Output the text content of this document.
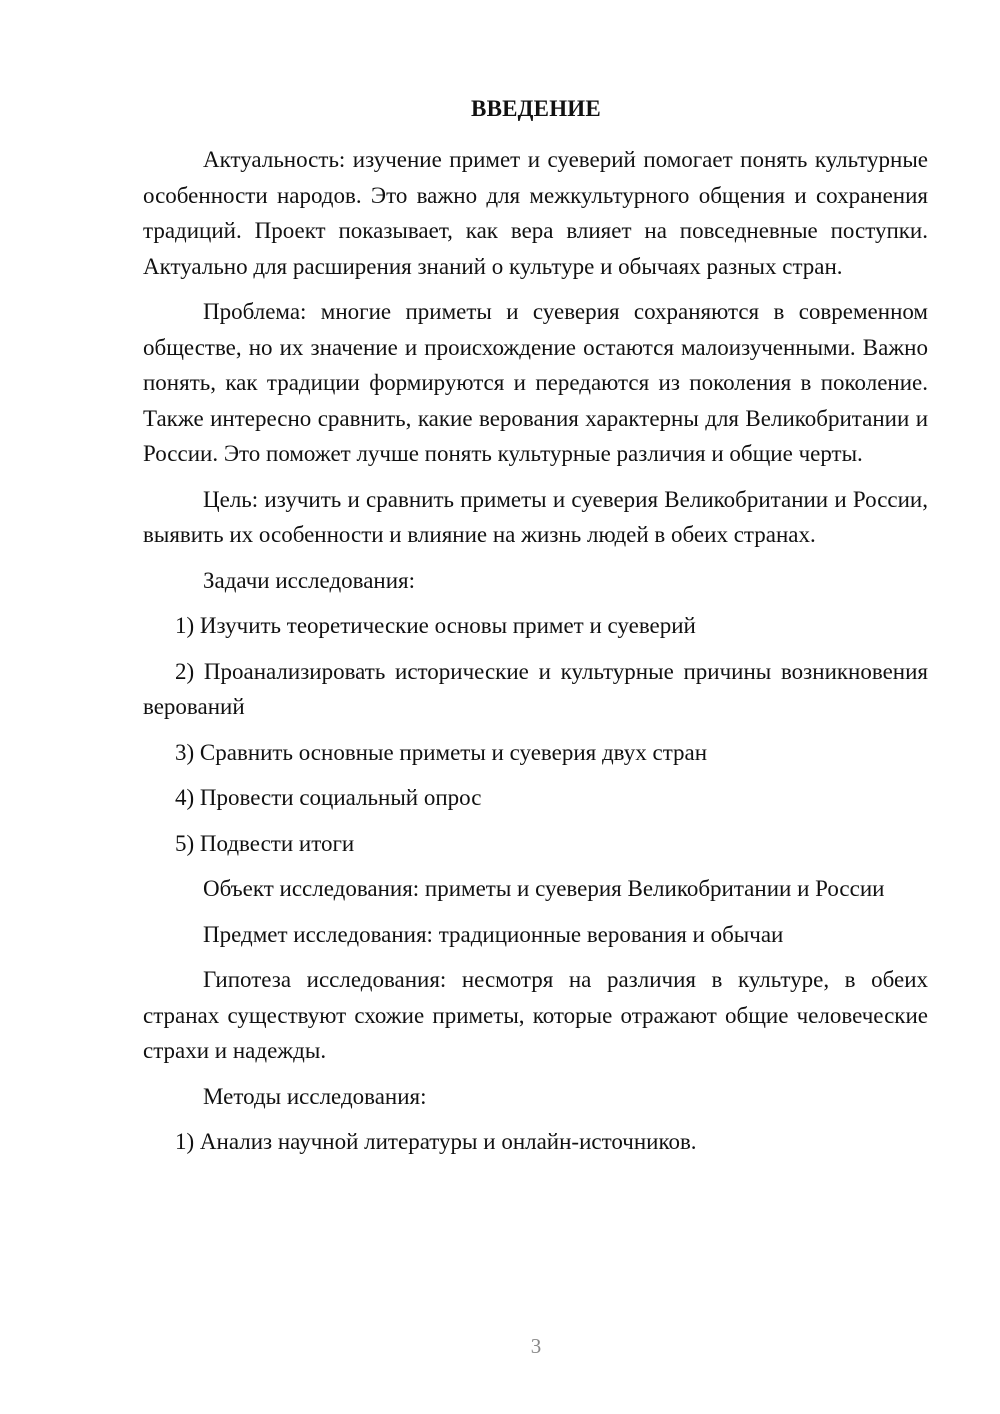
ВВЕДЕНИЕ

Актуальность: изучение примет и суеверий помогает понять культурные особенности народов. Это важно для межкультурного общения и сохранения традиций. Проект показывает, как вера влияет на повседневные поступки. Актуально для расширения знаний о культуре и обычаях разных стран.

Проблема: многие приметы и суеверия сохраняются в современном обществе, но их значение и происхождение остаются малоизученными. Важно понять, как традиции формируются и передаются из поколения в поколение. Также интересно сравнить, какие верования характерны для Великобритании и России. Это поможет лучше понять культурные различия и общие черты.

Цель: изучить и сравнить приметы и суеверия Великобритании и России, выявить их особенности и влияние на жизнь людей в обеих странах.

Задачи исследования:

1) Изучить теоретические основы примет и суеверий

2) Проанализировать исторические и культурные причины возникновения верований

3) Сравнить основные приметы и суеверия двух стран

4) Провести социальный опрос

5) Подвести итоги

Объект исследования: приметы и суеверия Великобритании и России

Предмет исследования: традиционные верования и обычаи

Гипотеза исследования: несмотря на различия в культуре, в обеих странах существуют схожие приметы, которые отражают общие человеческие страхи и надежды.

Методы исследования:

1) Анализ научной литературы и онлайн-источников.

3
